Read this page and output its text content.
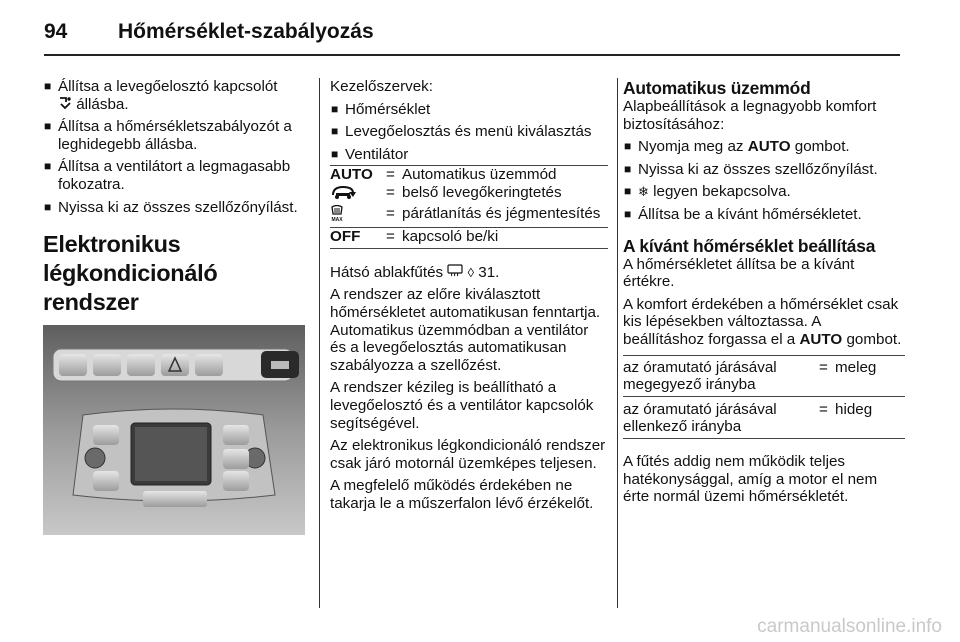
94 Hőmérséklet-szabályozás
■ Állítsa a levegőelosztó kapcsolót
állásba.
■ Állítsa a hőmérsékletszabályozót a leghidegebb állásba.
■ Állítsa a ventilátort a legmagasabb fokozatra.
■ Nyissa ki az összes szellőzőnyílást.
Elektronikus
légkondicionáló rendszer
Kezelőszervek:
■ Hőmérséklet
■ Levegőelosztás és menü kiválasztás
■ Ventilátor
AUTO = Automatikus üzemmód
= belső levegőkeringtetés
MAX	= párátlanítás és jégmentesítés
OFF	= kapcsoló be/ki
Hátsó ablakfűtés ◊ 31.
A rendszer az előre kiválasztott hőmérsékletet automatikusan fenntartja. Automatikus üzemmódban a ventilátor és a levegőelosztás automatikusan szabályozza a szellőzést.
A rendszer kézileg is beállítható a levegőelosztó és a ventilátor kapcsolók segítségével.
Az elektronikus légkondicionáló rendszer csak járó motornál üzemképes teljesen.
A megfelelő működés érdekében ne takarja le a műszerfalon lévő érzékelőt.
Automatikus üzemmód
Alapbeállítások a legnagyobb komfort biztosításához:
■ Nyomja meg az AUTO gombot.
■ Nyissa ki az összes szellőzőnyílást.
■ ❄ legyen bekapcsolva.
■ Állítsa be a kívánt hőmérsékletet.
A kívánt hőmérséklet beállítása
A hőmérsékletet állítsa be a kívánt értékre.
A komfort érdekében a hőmérséklet csak kis lépésekben változtassa. A beállításhoz forgassa el a AUTO gombot.
az óramutató járásával megegyező irányba
= meleg
az óramutató járásával ellenkező irányba
= hideg
A fűtés addig nem működik teljes hatékonysággal, amíg a motor el nem érte normál üzemi hőmérsékletét.
carmanualsonline.info
